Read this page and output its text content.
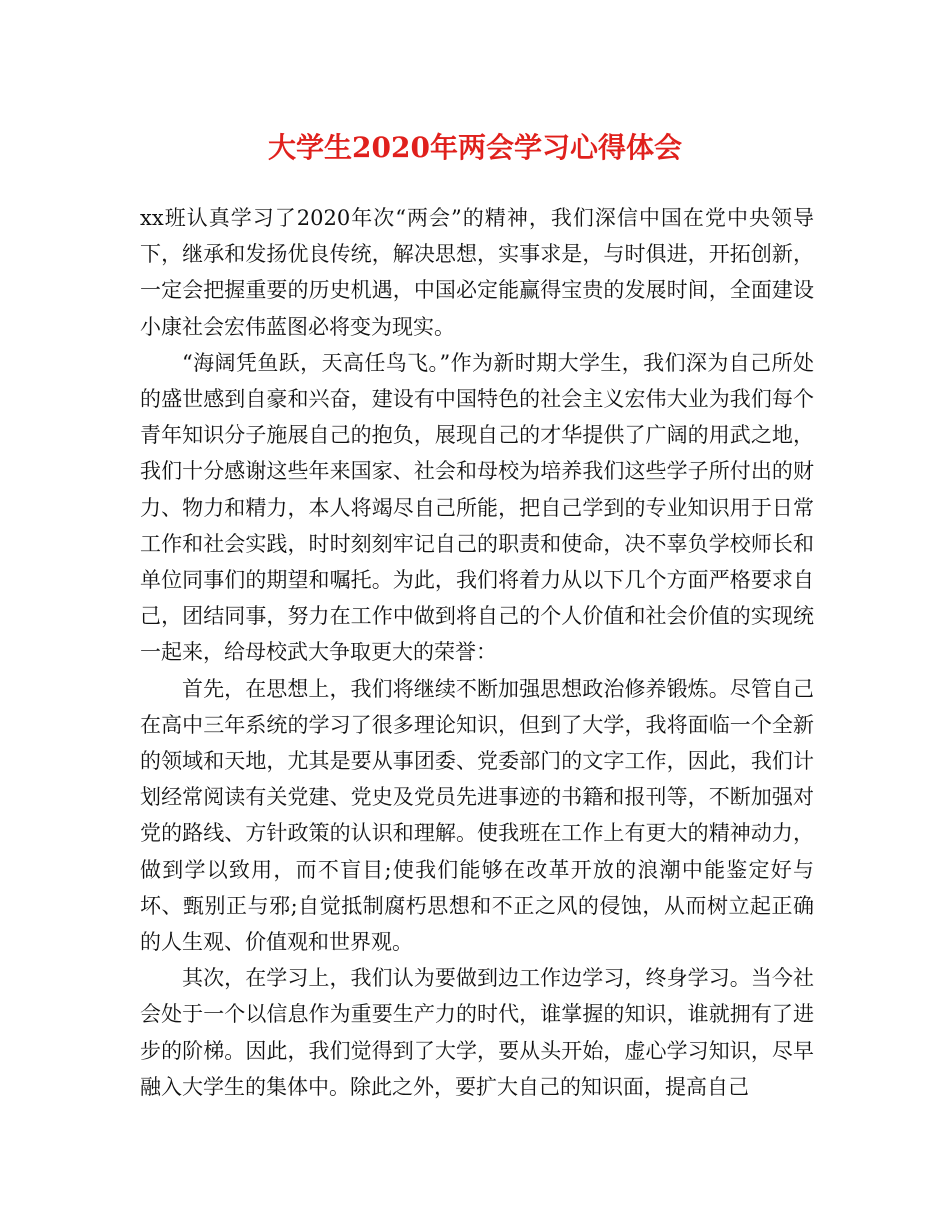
大学生2020年两会学习心得体会

xx班认真学习了2020年次“两会”的精神，我们深信中国在党中央领导下，继承和发扬优良传统，解决思想，实事求是，与时俱进，开拓创新，一定会把握重要的历史机遇，中国必定能赢得宝贵的发展时间，全面建设小康社会宏伟蓝图必将变为现实。

“海阔凭鱼跃，天高任鸟飞。”作为新时期大学生，我们深为自己所处的盛世感到自豪和兴奋，建设有中国特色的社会主义宏伟大业为我们每个青年知识分子施展自己的抱负，展现自己的才华提供了广阔的用武之地，我们十分感谢这些年来国家、社会和母校为培养我们这些学子所付出的财力、物力和精力，本人将竭尽自己所能，把自己学到的专业知识用于日常工作和社会实践，时时刻刻牢记自己的职责和使命，决不辜负学校师长和单位同事们的期望和嘱托。为此，我们将着力从以下几个方面严格要求自己，团结同事，努力在工作中做到将自己的个人价值和社会价值的实现统一起来，给母校武大争取更大的荣誉：

首先，在思想上，我们将继续不断加强思想政治修养锻炼。尽管自己在高中三年系统的学习了很多理论知识，但到了大学，我将面临一个全新的领域和天地，尤其是要从事团委、党委部门的文字工作，因此，我们计划经常阅读有关党建、党史及党员先进事迹的书籍和报刊等，不断加强对党的路线、方针政策的认识和理解。使我班在工作上有更大的精神动力，做到学以致用，而不盲目;使我们能够在改革开放的浪潮中能鉴定好与坏、甄别正与邪;自觉抵制腐朽思想和不正之风的侵蚀，从而树立起正确的人生观、价值观和世界观。

其次，在学习上，我们认为要做到边工作边学习，终身学习。当今社会处于一个以信息作为重要生产力的时代，谁掌握的知识，谁就拥有了进步的阶梯。因此，我们觉得到了大学，要从头开始，虚心学习知识，尽早融入大学生的集体中。除此之外，要扩大自己的知识面，提高自己
